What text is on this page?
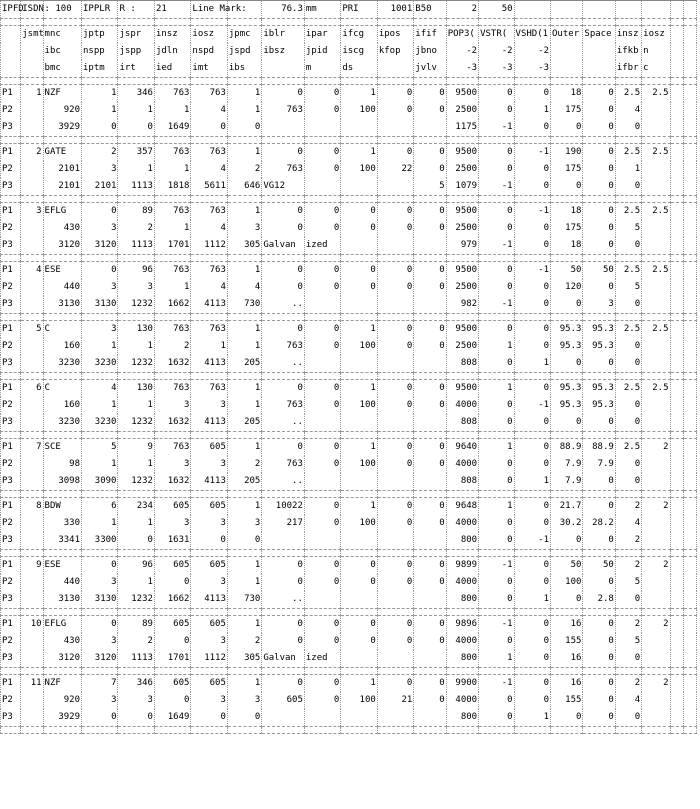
IPFD	ISDN	: 100	IPPLR	R :	21	Line Mark:		76.3	mm	PRI	1001	B50	2	50							

	jsmt	mnc	jptp	jspr	insz	iosz	jpmc	iblr	ipar	ifcg	ipos	ifif	POP3(	VSTR(	VSHD(1	Outer	Space	insz	iosz		
		ibc	nspp	jspp	jdln	nspd	jspd	ibsz	jpid	iscg	kfop	jbno	-2	-2	-2			ifkb	n		
		bmc	iptm	irt	ied	imt	ibs		m	ds		jvlv	-3	-3	-3			ifbr	c		

P1	1	NZF	1	346	763	763	1	0	0	1	0	0	9500	0	0	18	0	2.5	2.5		
P2		920	1	1	1	4	1	763	0	100	0	0	2500	0	1	175	0	4			
P3		3929	0	0	1649	0	0						1175	-1	0	0	0	0			

P1	2	GATE	2	357	763	763	1	0	0	1	0	0	9500	0	-1	190	0	2.5	2.5		
P2		2101	3	1	1	4	2	763	0	100	22	0	2500	0	0	175	0	1			
P3		2101	2101	1113	1818	5611	646	VG12				5	1079	-1	0	0	0	0			

P1	3	EFLG	0	89	763	763	1	0	0	0	0	0	9500	0	-1	18	0	2.5	2.5		
P2		430	3	2	1	4	3	0	0	0	0	0	2500	0	0	175	0	5			
P3		3120	3120	1113	1701	1112	305	Galvan	ized				979	-1	0	18	0	0			

P1	4	ESE	0	96	763	763	1	0	0	0	0	0	9500	0	-1	50	50	2.5	2.5		
P2		440	3	3	1	4	4	0	0	0	0	0	2500	0	0	120	0	5			
P3		3130	3130	1232	1662	4113	730	..					982	-1	0	0	3	0			

P1	5	C	3	130	763	763	1	0	0	1	0	0	9500	0	0	95.3	95.3	2.5	2.5		
P2		160	1	1	2	1	1	763	0	100	0	0	2500	1	0	95.3	95.3	0			
P3		3230	3230	1232	1632	4113	205	..					808	0	1	0	0	0			

P1	6	C	4	130	763	763	1	0	0	1	0	0	9500	1	0	95.3	95.3	2.5	2.5		
P2		160	1	1	3	3	1	763	0	100	0	0	4000	0	-1	95.3	95.3	0			
P3		3230	3230	1232	1632	4113	205	..					808	0	0	0	0	0			

P1	7	SCE	5	9	763	605	1	0	0	1	0	0	9640	1	0	88.9	88.9	2.5	2		
P2		98	1	1	3	3	2	763	0	100	0	0	4000	0	0	7.9	7.9	0			
P3		3098	3090	1232	1632	4113	205	..					808	0	1	7.9	0	0			

P1	8	BDW	6	234	605	605	1	10022	0	1	0	0	9648	1	0	21.7	0	2	2		
P2		330	1	1	3	3	3	217	0	100	0	0	4000	0	0	30.2	28.2	4			
P3		3341	3300	0	1631	0	0						800	0	-1	0	0	2			

P1	9	ESE	0	96	605	605	1	0	0	0	0	0	9899	-1	0	50	50	2	2		
P2		440	3	1	0	3	1	0	0	0	0	0	4000	0	0	100	0	5			
P3		3130	3130	1232	1662	4113	730	..					800	0	1	0	2.8	0			

P1	10	EFLG	0	89	605	605	1	0	0	0	0	0	9896	-1	0	16	0	2	2		
P2		430	3	2	0	3	2	0	0	0	0	0	4000	0	0	155	0	5			
P3		3120	3120	1113	1701	1112	305	Galvan	ized				800	1	0	16	0	0			

P1	11	NZF	7	346	605	605	1	0	0	1	0	0	9900	-1	0	16	0	2	2		
P2		920	3	3	0	3	3	605	0	100	21	0	4000	0	0	155	0	4			
P3		3929	0	0	1649	0	0						800	0	1	0	0	0			
